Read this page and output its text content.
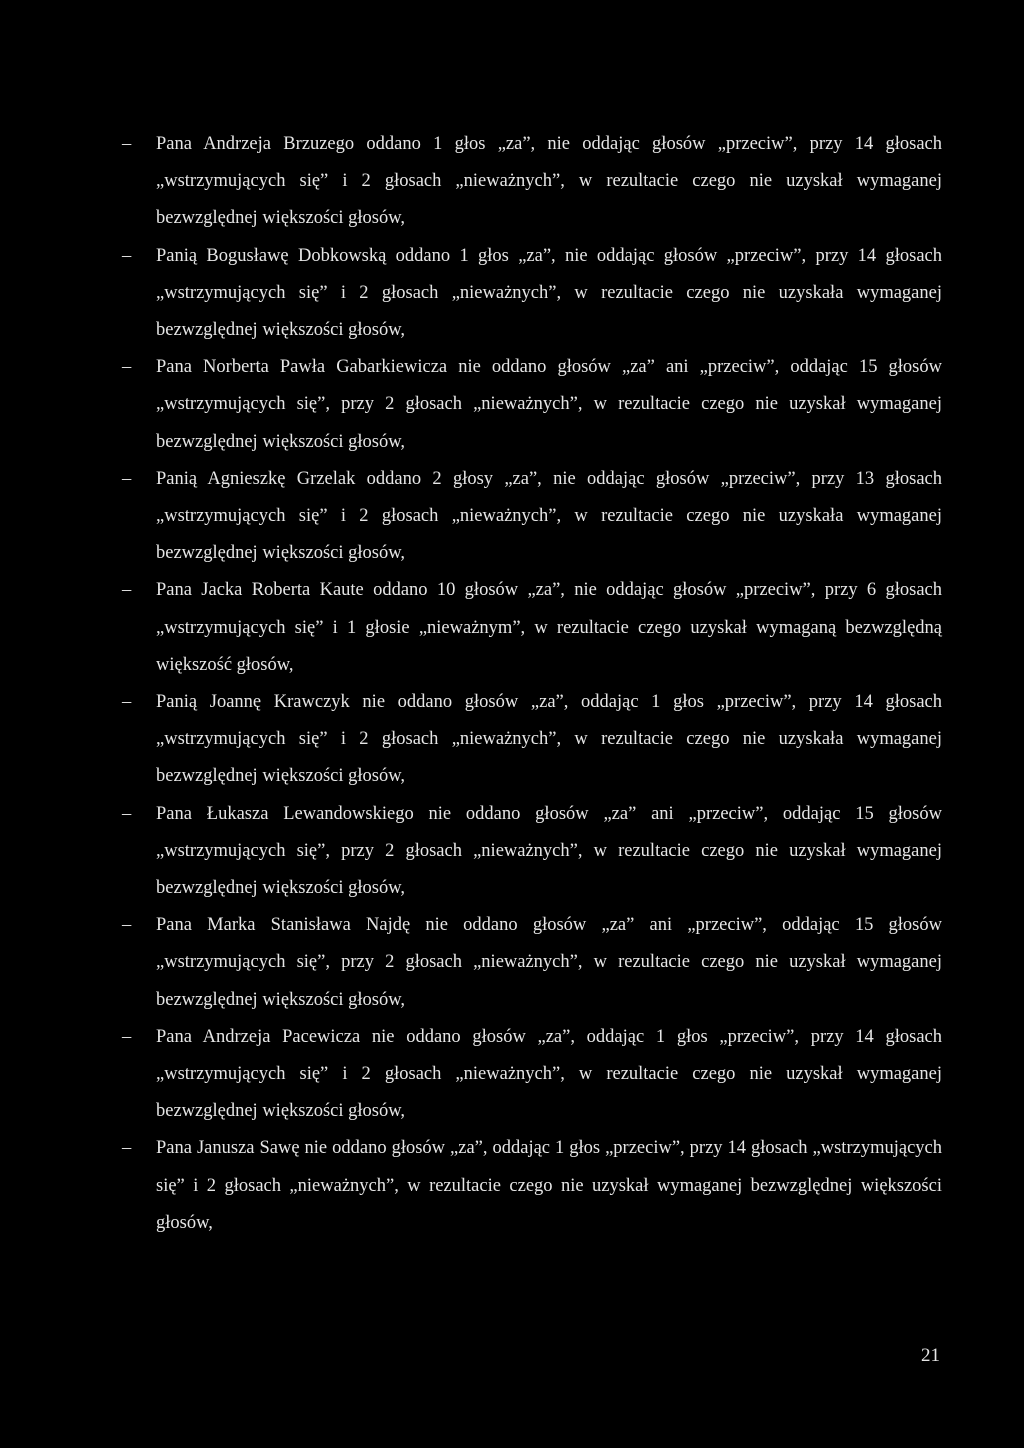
– Pana Andrzeja Brzuzego oddano 1 głos „za”, nie oddając głosów „przeciw”, przy 14 głosach „wstrzymujących się” i 2 głosach „nieważnych”, w rezultacie czego nie uzyskał wymaganej bezwzględnej większości głosów,
– Panią Bogusławę Dobkowską oddano 1 głos „za”, nie oddając głosów „przeciw”, przy 14 głosach „wstrzymujących się” i 2 głosach „nieważnych”, w rezultacie czego nie uzyskała wymaganej bezwzględnej większości głosów,
– Pana Norberta Pawła Gabarkiewicza nie oddano głosów „za” ani „przeciw”, oddając 15 głosów „wstrzymujących się”, przy 2 głosach „nieważnych”, w rezultacie czego nie uzyskał wymaganej bezwzględnej większości głosów,
– Panią Agnieszkę Grzelak oddano 2 głosy „za”, nie oddając głosów „przeciw”, przy 13 głosach „wstrzymujących się” i 2 głosach „nieważnych”, w rezultacie czego nie uzyskała wymaganej bezwzględnej większości głosów,
– Pana Jacka Roberta Kaute oddano 10 głosów „za”, nie oddając głosów „przeciw”, przy 6 głosach „wstrzymujących się” i 1 głosie „nieważnym”, w rezultacie czego uzyskał wymaganą bezwzględną większość głosów,
– Panią Joannę Krawczyk nie oddano głosów „za”, oddając 1 głos „przeciw”, przy 14 głosach „wstrzymujących się” i 2 głosach „nieważnych”, w rezultacie czego nie uzyskała wymaganej bezwzględnej większości głosów,
– Pana Łukasza Lewandowskiego nie oddano głosów „za” ani „przeciw”, oddając 15 głosów „wstrzymujących się”, przy 2 głosach „nieważnych”, w rezultacie czego nie uzyskał wymaganej bezwzględnej większości głosów,
– Pana Marka Stanisława Najdę nie oddano głosów „za” ani „przeciw”, oddając 15 głosów „wstrzymujących się”, przy 2 głosach „nieważnych”, w rezultacie czego nie uzyskał wymaganej bezwzględnej większości głosów,
– Pana Andrzeja Pacewicza nie oddano głosów „za”, oddając 1 głos „przeciw”, przy 14 głosach „wstrzymujących się” i 2 głosach „nieważnych”, w rezultacie czego nie uzyskał wymaganej bezwzględnej większości głosów,
– Pana Janusza Sawę nie oddano głosów „za”, oddając 1 głos „przeciw”, przy 14 głosach „wstrzymujących się” i 2 głosach „nieważnych”, w rezultacie czego nie uzyskał wymaganej bezwzględnej większości głosów,
21
